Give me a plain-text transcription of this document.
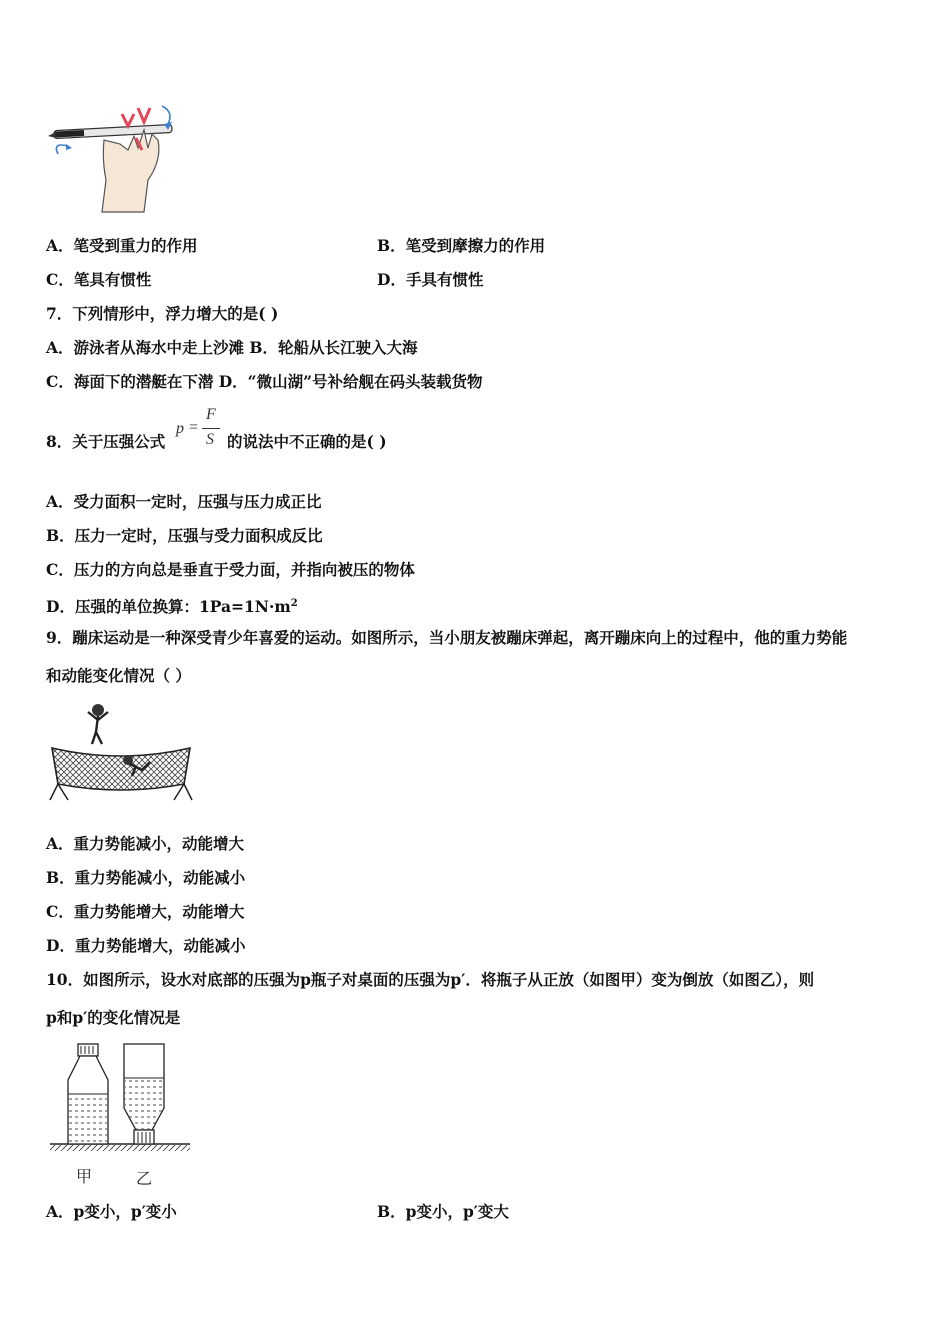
A．笔受到重力的作用	B．笔受到摩擦力的作用
C．笔具有惯性	D．手具有惯性
7．下列情形中，浮力增大的是( )
A．游泳者从海水中走上沙滩 B．轮船从长江驶入大海
C．海面下的潜艇在下潜 D．“微山湖”号补给舰在码头装载货物
8．关于压强公式
p =
F
S 的说法中不正确的是( )
A．受力面积一定时，压强与压力成正比
B．压力一定时，压强与受力面积成反比
C．压力的方向总是垂直于受力面，并指向被压的物体
D．压强的单位换算：$1Pa=1N\cdot m^2$
9．蹦床运动是一种深受青少年喜爱的运动。如图所示，当小朋友被蹦床弹起，离开蹦床向上的过程中，他的重力势能
和动能变化情况（ ）
A．重力势能减小，动能增大
B．重力势能减小，动能减小
C．重力势能增大，动能增大
D．重力势能增大，动能减小
10．如图所示，设水对底部的压强为p瓶子对桌面的压强为p′．将瓶子从正放（如图甲）变为倒放（如图乙），则
p和p′的变化情况是
甲	乙
A．p变小，p′变小	B．p变小，p′变大
